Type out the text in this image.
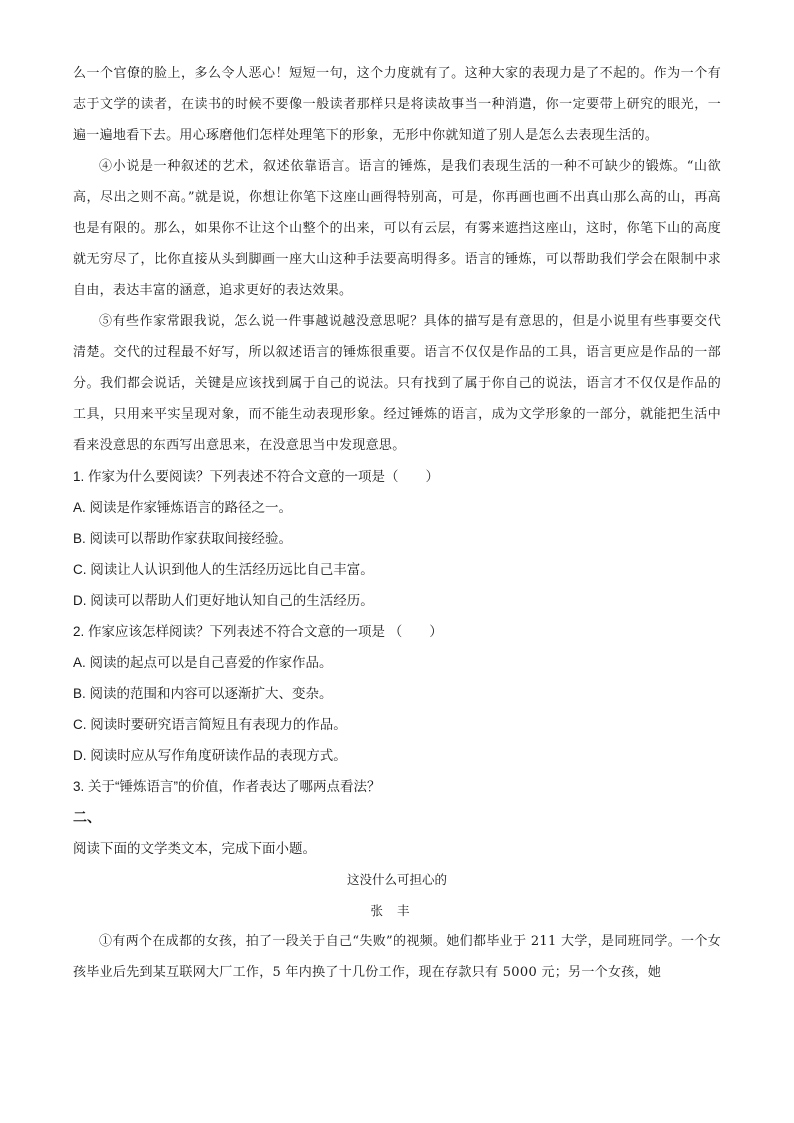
么一个官僚的脸上，多么令人恶心！短短一句，这个力度就有了。这种大家的表现力是了不起的。作为一个有志于文学的读者，在读书的时候不要像一般读者那样只是将读故事当一种消遣，你一定要带上研究的眼光，一遍一遍地看下去。用心琢磨他们怎样处理笔下的形象，无形中你就知道了别人是怎么去表现生活的。

④小说是一种叙述的艺术，叙述依靠语言。语言的锤炼，是我们表现生活的一种不可缺少的锻炼。“山欲高，尽出之则不高。”就是说，你想让你笔下这座山画得特别高，可是，你再画也画不出真山那么高的山，再高也是有限的。那么，如果你不让这个山整个的出来，可以有云层，有雾来遮挡这座山，这时，你笔下山的高度就无穷尽了，比你直接从头到脚画一座大山这种手法要高明得多。语言的锤炼，可以帮助我们学会在限制中求自由，表达丰富的涵意，追求更好的表达效果。

⑤有些作家常跟我说，怎么说一件事越说越没意思呢？具体的描写是有意思的，但是小说里有些事要交代清楚。交代的过程最不好写，所以叙述语言的锤炼很重要。语言不仅仅是作品的工具，语言更应是作品的一部分。我们都会说话，关键是应该找到属于自己的说法。只有找到了属于你自己的说法，语言才不仅仅是作品的工具，只用来平实呈现对象，而不能生动表现形象。经过锤炼的语言，成为文学形象的一部分，就能把生活中看来没意思的东西写出意思来，在没意思当中发现意思。

1. 作家为什么要阅读？下列表述不符合文意的一项是（　　）

A. 阅读是作家锤炼语言的路径之一。

B. 阅读可以帮助作家获取间接经验。

C. 阅读让人认识到他人的生活经历远比自己丰富。

D. 阅读可以帮助人们更好地认知自己的生活经历。

2. 作家应该怎样阅读？下列表述不符合文意的一项是 （　　）

A. 阅读的起点可以是自己喜爱的作家作品。

B. 阅读的范围和内容可以逐渐扩大、变杂。

C. 阅读时要研究语言简短且有表现力的作品。

D. 阅读时应从写作角度研读作品的表现方式。

3. 关于“锤炼语言”的价值，作者表达了哪两点看法？

二、

阅读下面的文学类文本，完成下面小题。

这没什么可担心的

张丰

①有两个在成都的女孩，拍了一段关于自己“失败”的视频。她们都毕业于 211 大学，是同班同学。一个女孩毕业后先到某互联网大厂工作，5 年内换了十几份工作，现在存款只有 5000 元；另一个女孩，她
